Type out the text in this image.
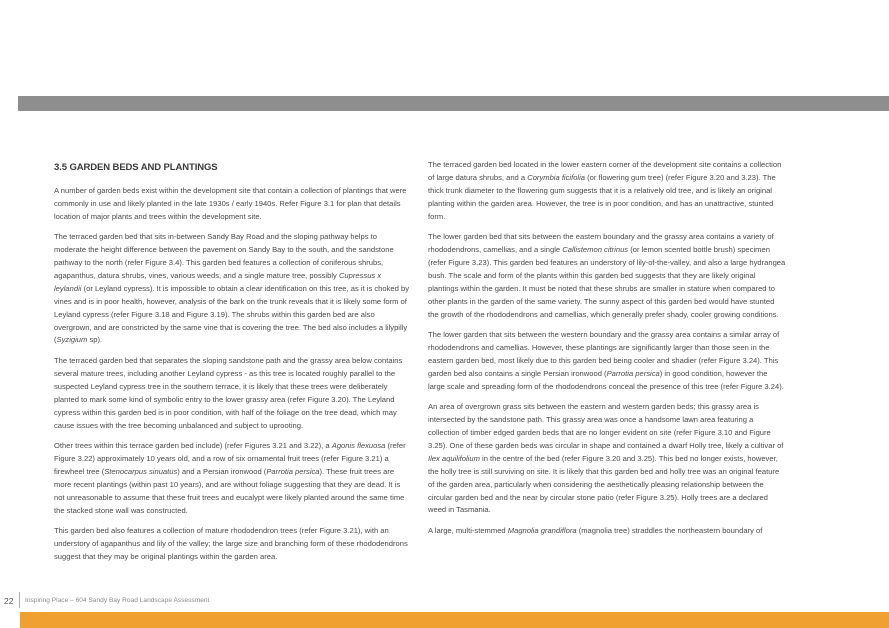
3.5 GARDEN BEDS AND PLANTINGS

A number of garden beds exist within the development site that contain a collection of plantings that were commonly in use and likely planted in the late 1930s / early 1940s. Refer Figure 3.1 for plan that details location of major plants and trees within the development site.

The terraced garden bed that sits in-between Sandy Bay Road and the sloping pathway helps to moderate the height difference between the pavement on Sandy Bay to the south, and the sandstone pathway to the north (refer Figure 3.4). This garden bed features a collection of coniferous shrubs, agapanthus, datura shrubs, vines, various weeds, and a single mature tree, possibly Cupressus x leylandii (or Leyland cypress). It is impossible to obtain a clear identification on this tree, as it is choked by vines and is in poor health, however, analysis of the bark on the trunk reveals that it is likely some form of Leyland cypress (refer Figure 3.18 and Figure 3.19). The shrubs within this garden bed are also overgrown, and are constricted by the same vine that is covering the tree. The bed also includes a lilypilly (Syzigium sp).

The terraced garden bed that separates the sloping sandstone path and the grassy area below contains several mature trees, including another Leyland cypress - as this tree is located roughly parallel to the suspected Leyland cypress tree in the southern terrace, it is likely that these trees were deliberately planted to mark some kind of symbolic entry to the lower grassy area (refer Figure 3.20). The Leyland cypress within this garden bed is in poor condition, with half of the foliage on the tree dead, which may cause issues with the tree becoming unbalanced and subject to uprooting.

Other trees within this terrace garden bed include) (refer Figures 3.21 and 3.22), a Agonis flexuosa (refer Figure 3.22) approximately 10 years old, and a row of six ornamental fruit trees (refer Figure 3.21) a firewheel tree (Stenocarpus sinuatus) and a Persian ironwood (Parrotia persica). These fruit trees are more recent plantings (within past 10 years), and are without foliage suggesting that they are dead. It is not unreasonable to assume that these fruit trees and eucalypt were likely planted around the same time the stacked stone wall was constructed.

This garden bed also features a collection of mature rhododendron trees (refer Figure 3.21), with an understory of agapanthus and lily of the valley; the large size and branching form of these rhododendrons suggest that they may be original plantings within the garden area.

The terraced garden bed located in the lower eastern corner of the development site contains a collection of large datura shrubs, and a Corymbia ficifolia (or flowering gum tree) (refer Figure 3.20 and 3.23). The thick trunk diameter to the flowering gum suggests that it is a relatively old tree, and is likely an original planting within the garden area. However, the tree is in poor condition, and has an unattractive, stunted form.

The lower garden bed that sits between the eastern boundary and the grassy area contains a variety of rhododendrons, camellias, and a single Callistemon citrinus (or lemon scented bottle brush) specimen (refer Figure 3.23). This garden bed features an understory of lily-of-the-valley, and also a large hydrangea bush. The scale and form of the plants within this garden bed suggests that they are likely original plantings within the garden. It must be noted that these shrubs are smaller in stature when compared to other plants in the garden of the same variety. The sunny aspect of this garden bed would have stunted the growth of the rhododendrons and camellias, which generally prefer shady, cooler growing conditions.

The lower garden that sits between the western boundary and the grassy area contains a similar array of rhododendrons and camellias. However, these plantings are significantly larger than those seen in the eastern garden bed, most likely due to this garden bed being cooler and shadier (refer Figure 3.24). This garden bed also contains a single Persian ironwood (Parrotia persica) in good condition, however the large scale and spreading form of the rhododendrons conceal the presence of this tree (refer Figure 3.24).

An area of overgrown grass sits between the eastern and western garden beds; this grassy area is intersected by the sandstone path. This grassy area was once a handsome lawn area featuring a collection of timber edged garden beds that are no longer evident on site (refer Figure 3.10 and Figure 3.25). One of these garden beds was circular in shape and contained a dwarf Holly tree, likely a cultivar of Ilex aquilifolium in the centre of the bed (refer Figure 3.20 and 3.25). This bed no longer exists, however, the holly tree is still surviving on site. It is likely that this garden bed and holly tree was an original feature of the garden area, particularly when considering the aesthetically pleasing relationship between the circular garden bed and the near by circular stone patio (refer Figure 3.25). Holly trees are a declared weed in Tasmania.

A large, multi-stemmed Magnolia grandiflora (magnolia tree) straddles the northeastern boundary of

22 Inspiring Place – 604 Sandy Bay Road Landscape Assessment
